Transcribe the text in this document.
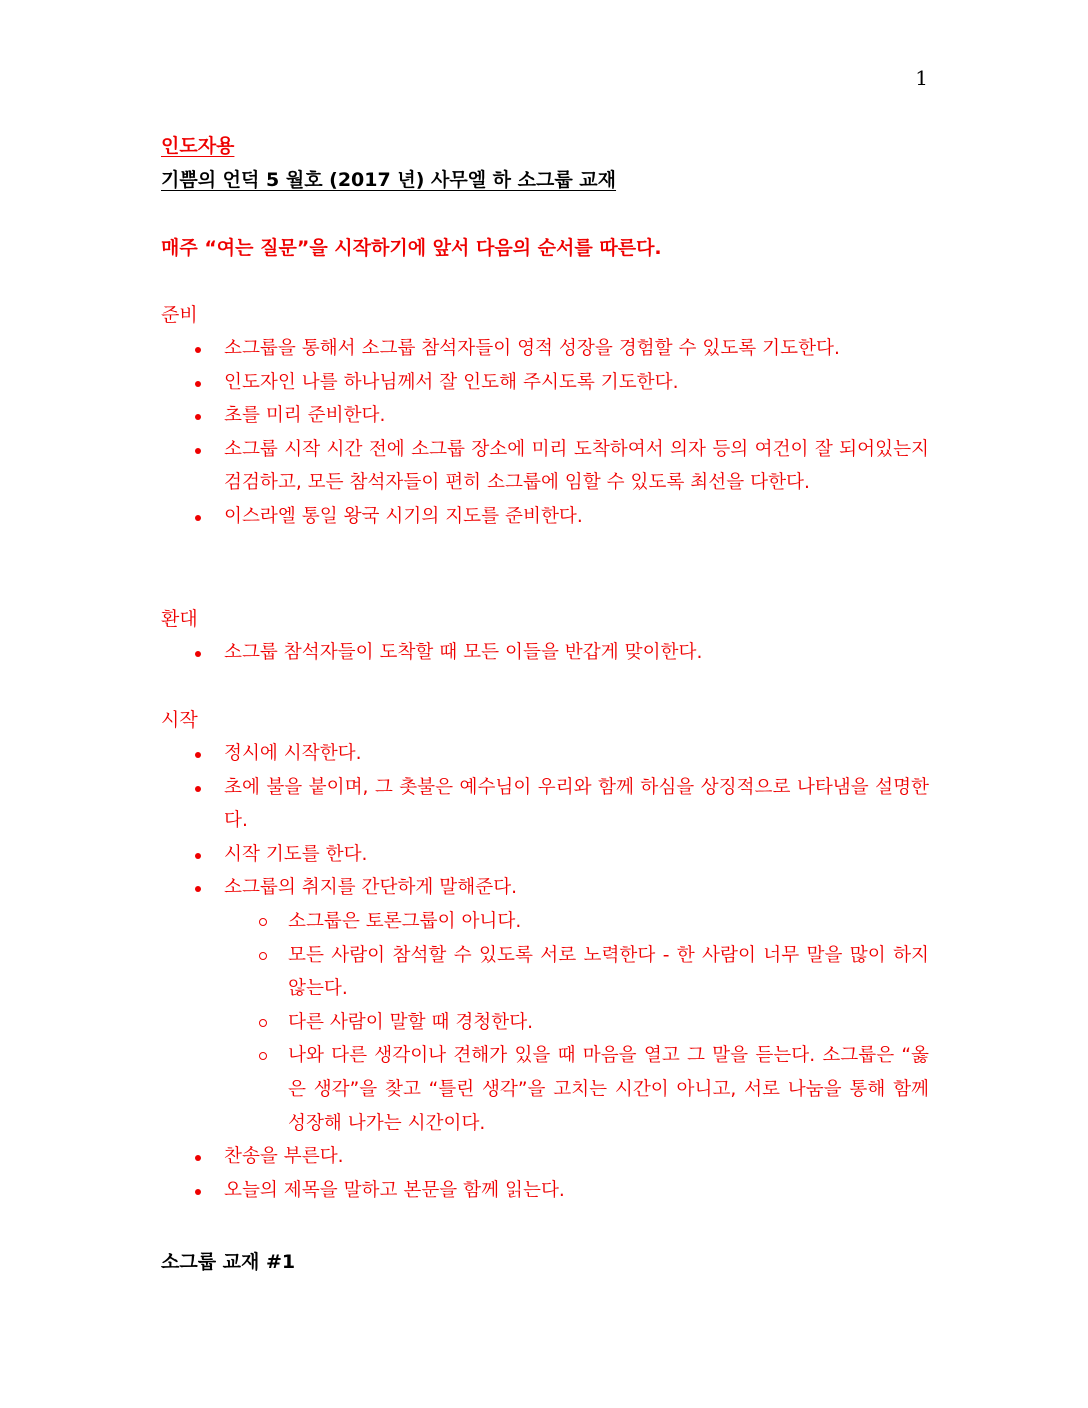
1
인도자용
기쁨의 언덕 5 월호 (2017 년) 사무엘 하 소그룹 교재
매주 “여는 질문”을 시작하기에 앞서 다음의 순서를 따른다.
준비
소그룹을 통해서 소그룹 참석자들이 영적 성장을 경험할 수 있도록 기도한다.
인도자인 나를 하나님께서 잘 인도해 주시도록 기도한다.
초를 미리 준비한다.
소그룹 시작 시간 전에 소그룹 장소에 미리 도착하여서 의자 등의 여건이 잘 되어있는지 검검하고, 모든 참석자들이 편히 소그룹에 임할 수 있도록 최선을 다한다.
이스라엘 통일 왕국 시기의 지도를 준비한다.
환대
소그룹 참석자들이 도착할 때 모든 이들을 반갑게 맞이한다.
시작
정시에 시작한다.
초에 불을 붙이며, 그 촛불은 예수님이 우리와 함께 하심을 상징적으로 나타냄을 설명한다.
시작 기도를 한다.
소그룹의 취지를 간단하게 말해준다.
소그룹은 토론그룹이 아니다.
모든 사람이 참석할 수 있도록 서로 노력한다 - 한 사람이 너무 말을 많이 하지 않는다.
다른 사람이 말할 때 경청한다.
나와 다른 생각이나 견해가 있을 때 마음을 열고 그 말을 듣는다. 소그룹은 “옳은 생각”을 찾고 “틀린 생각”을 고치는 시간이 아니고, 서로 나눔을 통해 함께 성장해 나가는 시간이다.
찬송을 부른다.
오늘의 제목을 말하고 본문을 함께 읽는다.
소그룹 교재 #1
